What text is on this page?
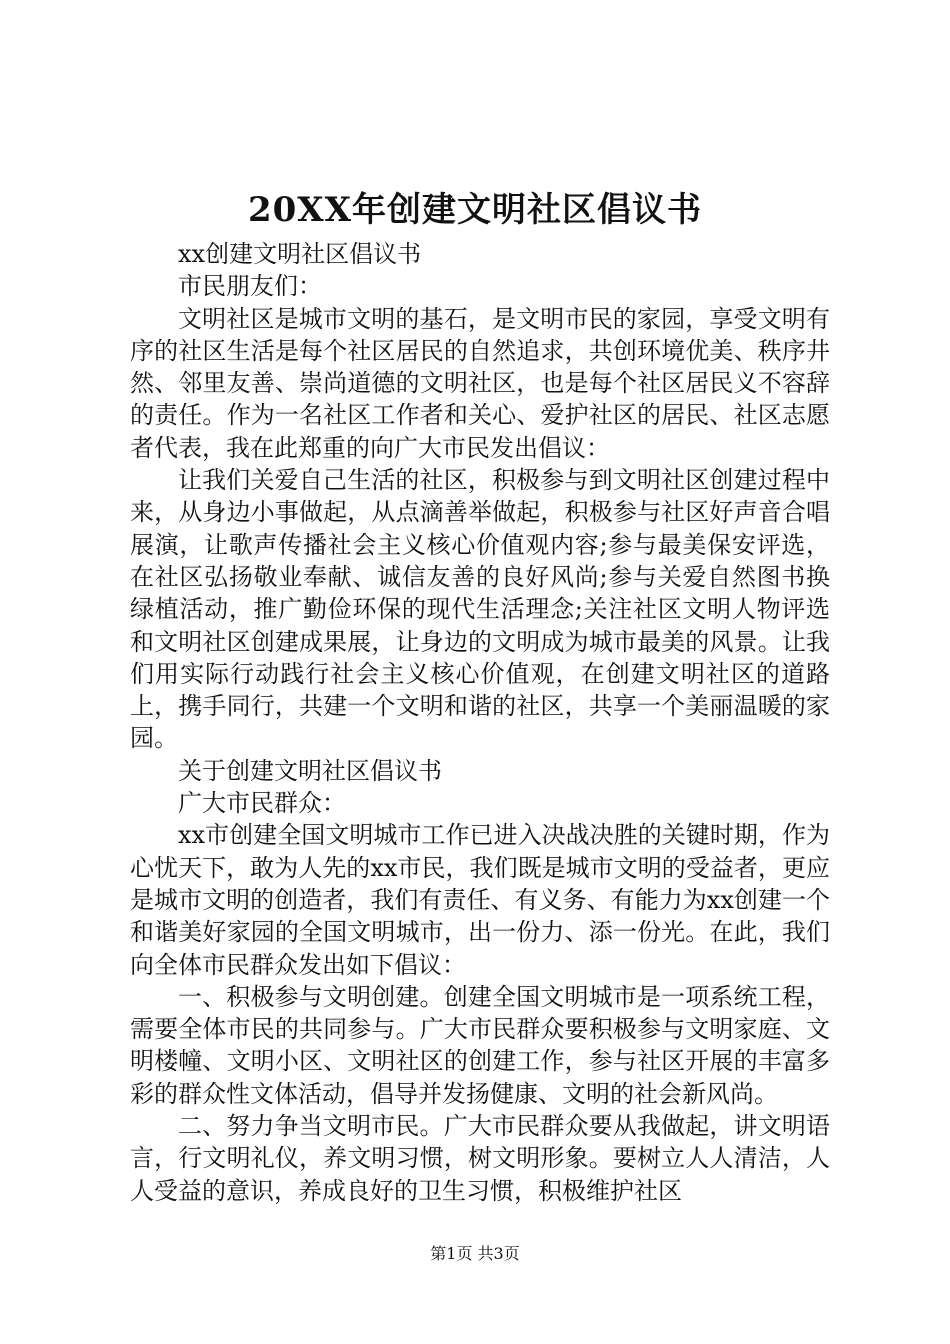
20XX年创建文明社区倡议书

xx创建文明社区倡议书

市民朋友们：

文明社区是城市文明的基石，是文明市民的家园，享受文明有序的社区生活是每个社区居民的自然追求，共创环境优美、秩序井然、邻里友善、崇尚道德的文明社区，也是每个社区居民义不容辞的责任。作为一名社区工作者和关心、爱护社区的居民、社区志愿者代表，我在此郑重的向广大市民发出倡议：

让我们关爱自己生活的社区，积极参与到文明社区创建过程中来，从身边小事做起，从点滴善举做起，积极参与社区好声音合唱展演，让歌声传播社会主义核心价值观内容;参与最美保安评选，在社区弘扬敬业奉献、诚信友善的良好风尚;参与关爱自然图书换绿植活动，推广勤俭环保的现代生活理念;关注社区文明人物评选和文明社区创建成果展，让身边的文明成为城市最美的风景。让我们用实际行动践行社会主义核心价值观，在创建文明社区的道路上，携手同行，共建一个文明和谐的社区，共享一个美丽温暖的家园。

关于创建文明社区倡议书

广大市民群众：

xx市创建全国文明城市工作已进入决战决胜的关键时期，作为心忧天下，敢为人先的xx市民，我们既是城市文明的受益者，更应是城市文明的创造者，我们有责任、有义务、有能力为xx创建一个和谐美好家园的全国文明城市，出一份力、添一份光。在此，我们向全体市民群众发出如下倡议：

一、积极参与文明创建。创建全国文明城市是一项系统工程，需要全体市民的共同参与。广大市民群众要积极参与文明家庭、文明楼幢、文明小区、文明社区的创建工作，参与社区开展的丰富多彩的群众性文体活动，倡导并发扬健康、文明的社会新风尚。

二、努力争当文明市民。广大市民群众要从我做起，讲文明语言，行文明礼仪，养文明习惯，树文明形象。要树立人人清洁，人人受益的意识，养成良好的卫生习惯，积极维护社区

第1页 共3页
